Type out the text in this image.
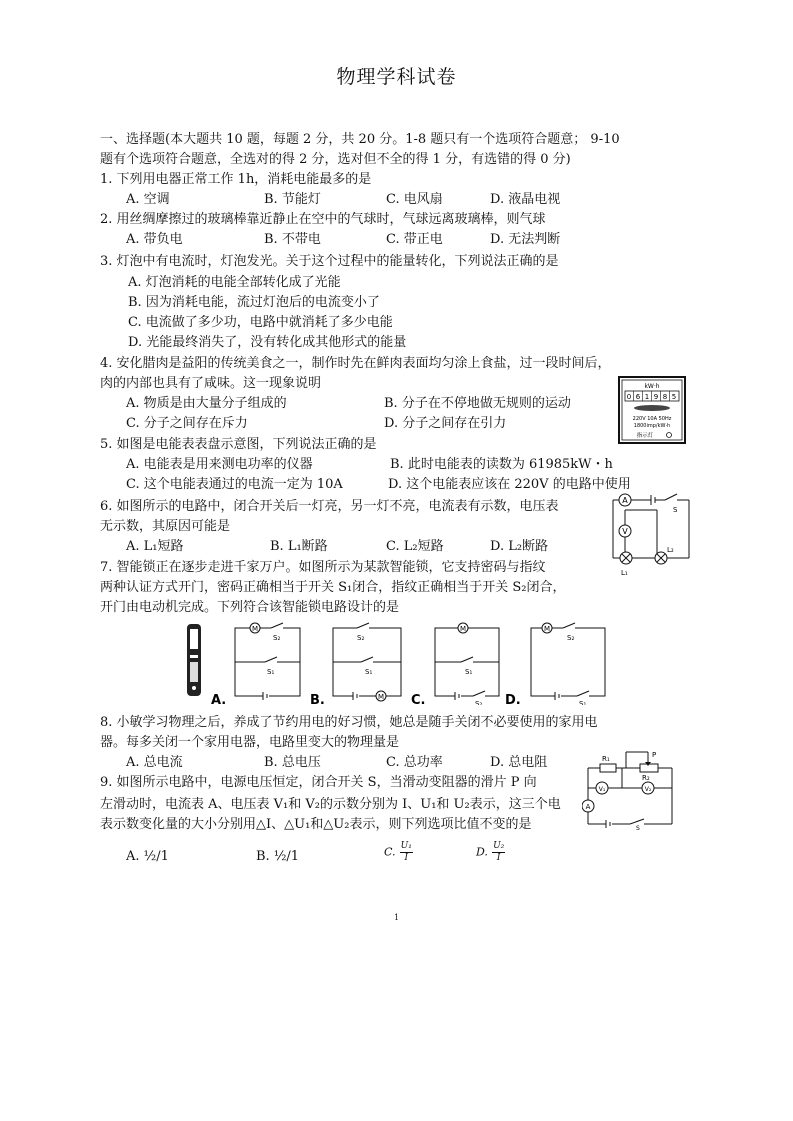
物理学科试卷
一、选择题(本大题共 10 题，每题 2 分，共 20 分。1-8 题只有一个选项符合题意； 9-10
题有个选项符合题意，全选对的得 2 分，选对但不全的得 1 分，有选错的得 0 分)
1. 下列用电器正常工作 1h，消耗电能最多的是
A. 空调	B. 节能灯	C. 电风扇	D. 液晶电视
2. 用丝绸摩擦过的玻璃棒靠近静止在空中的气球时，气球远离玻璃棒，则气球
A. 带负电	B. 不带电	C. 带正电	D. 无法判断
3. 灯泡中有电流时，灯泡发光。关于这个过程中的能量转化，下列说法正确的是
A. 灯泡消耗的电能全部转化成了光能
B. 因为消耗电能，流过灯泡后的电流变小了
C. 电流做了多少功，电路中就消耗了多少电能
D. 光能最终消失了，没有转化成其他形式的能量
4. 安化腊肉是益阳的传统美食之一，制作时先在鲜肉表面均匀涂上食盐，过一段时间后，
肉的内部也具有了咸味。这一现象说明
A. 物质是由大量分子组成的	B. 分子在不停地做无规则的运动
C. 分子之间存在斥力	D. 分子之间存在引力
kW·h
0 6 1 9 8 5
220V 10A 50Hz
1800imp/kW·h
指示灯
5. 如图是电能表表盘示意图，下列说法正确的是
A. 电能表是用来测电功率的仪器	B. 此时电能表的读数为 61985kW・h
C. 这个电能表通过的电流一定为 10A	D. 这个电能表应该在 220V 的电路中使用
6. 如图所示的电路中，闭合开关后一灯亮，另一灯不亮，电流表有示数，电压表
无示数，其原因可能是
A. L₁短路	B. L₁断路	C. L₂短路	D. L₂断路
A
V
S
L₁
L₂
7. 智能锁正在逐步走进千家万户。如图所示为某款智能锁，它支持密码与指纹
两种认证方式开门，密码正确相当于开关 S₁闭合，指纹正确相当于开关 S₂闭合，
开门由电动机完成。下列符合该智能锁电路设计的是
A.	B.	C.	D.
M
S₂
S₁
M
S₂
S₁
M
S₁
S₂
M
S₂
S₁
8. 小敏学习物理之后，养成了节约用电的好习惯，她总是随手关闭不必要使用的家用电
器。每多关闭一个家用电器，电路里变大的物理量是
A. 总电流	B. 总电压	C. 总功率	D. 总电阻
9. 如图所示电路中，电源电压恒定，闭合开关 S，当滑动变阻器的滑片 P 向
左滑动时，电流表 A、电压表 V₁和 V₂的示数分别为 I、U₁和 U₂表示，这三个电
表示数变化量的大小分别用△I、△U₁和△U₂表示，则下列选项比值不变的是
A. ½/1	B. ½/1	C. $\frac{\text{U₁}}{I}$	D. $\frac{\text{U₂}}{I}$
R₁
R₂
P
V₁	V₂
A
S
1
